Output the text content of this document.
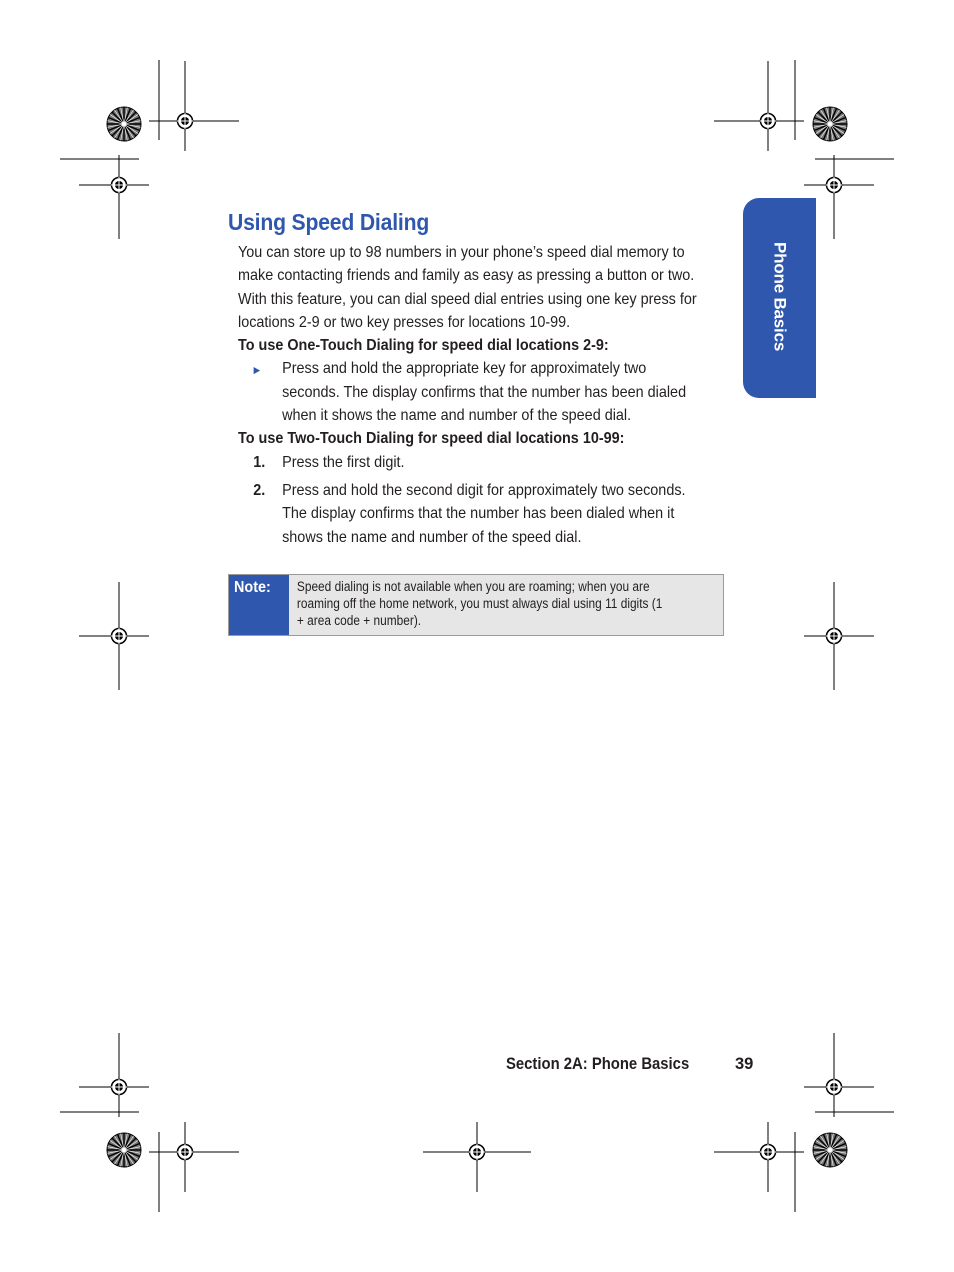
Phone Basics
Using Speed Dialing

You can store up to 98 numbers in your phone’s speed dial memory to make contacting friends and family as easy as pressing a button or two. With this feature, you can dial speed dial entries using one key press for locations 2-9 or two key presses for locations 10-99.

To use One-Touch Dialing for speed dial locations 2-9:

►	Press and hold the appropriate key for approximately two seconds. The display confirms that the number has been dialed when it shows the name and number of the speed dial.

To use Two-Touch Dialing for speed dial locations 10-99:

1.	Press the first digit.
2.	Press and hold the second digit for approximately two seconds. The display confirms that the number has been dialed when it shows the name and number of the speed dial.
Note:	Speed dialing is not available when you are roaming; when you are roaming off the home network, you must always dial using 11 digits (1 + area code + number).
Section 2A: Phone Basics	39
